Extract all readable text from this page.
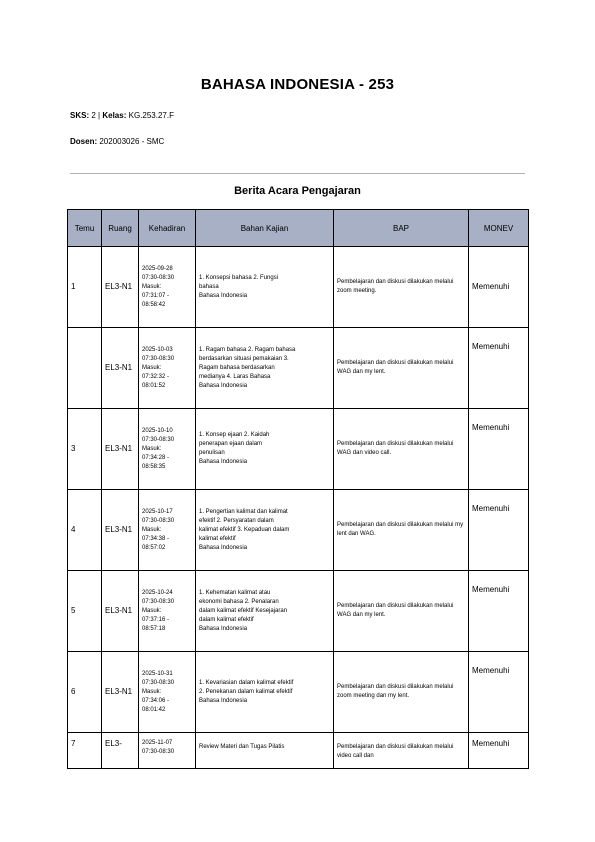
BAHASA INDONESIA - 253
SKS: 2 | Kelas: KG.253.27.F
Dosen: 202003026 - SMC
Berita Acara Pengajaran
Temu	Ruang	Kehadiran	Bahan Kajian	BAP	MONEV
1	EL3-N1	2025-09-28
07:30-08:30
Masuk:
07:31:07 -
08:58:42	1. Konsepsi bahasa 2. Fungsi
bahasa
Bahasa Indonesia	Pembelajaran dan diskusi dilakukan melalui zoom meeting.	Memenuhi
	EL3-N1	2025-10-03
07:30-08:30
Masuk:
07:32:32 -
08:01:52	1. Ragam bahasa 2. Ragam bahasa
berdasarkan situasi pemakaian 3.
Ragam bahasa berdasarkan
medianya 4. Laras Bahasa
Bahasa Indonesia	Pembelajaran dan diskusi dilakukan melalui WAG dan my lent.	Memenuhi
3	EL3-N1	2025-10-10
07:30-08:30
Masuk:
07:34:28 -
08:58:35	1. Konsep ejaan 2. Kaidah
penerapan ejaan dalam
penulisan
Bahasa Indonesia	Pembelajaran dan diskusi dilakukan melalui WAG dan video call.	Memenuhi
4	EL3-N1	2025-10-17
07:30-08:30
Masuk:
07:34:38 -
08:57:02	1. Pengertian kalimat dan kalimat
efektif 2. Persyaratan dalam
kalimat efektif 3. Kepaduan dalam
kalimat efektif
Bahasa Indonesia	Pembelajaran dan diskusi dilakukan melalui my lent dan WAG.	Memenuhi
5	EL3-N1	2025-10-24
07:30-08:30
Masuk:
07:37:16 -
08:57:18	1. Kehematan kalimat atau
ekonomi bahasa 2. Penalaran
dalam kalimat efektif Kesejajaran
dalam kalimat efektif
Bahasa Indonesia	Pembelajaran dan diskusi dilakukan melalui WAG dan my lent.	Memenuhi
6	EL3-N1	2025-10-31
07:30-08:30
Masuk:
07:34:06 -
08:01:42	1. Kevariasian dalam kalimat efektif
2. Penekanan dalam kalimat efektif
Bahasa Indonesia	Pembelajaran dan diskusi dilakukan melalui zoom meeting dan my lent.	Memenuhi
7	EL3-	2025-11-07
07:30-08:30	Review Materi dan Tugas Pilatis	Pembelajaran dan diskusi dilakukan melalui video call dan	Memenuhi
